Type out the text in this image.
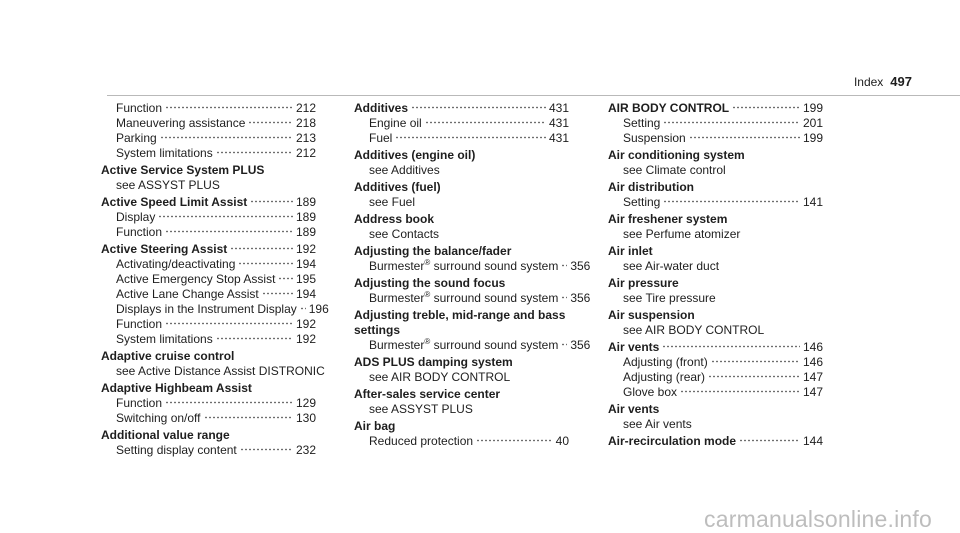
Index 497
Function	212
Maneuvering assistance	218
Parking	213
System limitations	212
Active Service System PLUS
see ASSYST PLUS
Active Speed Limit Assist	189
Display	189
Function	189
Active Steering Assist	192
Activating/deactivating	194
Active Emergency Stop Assist 195
Active Lane Change Assist	194
Displays in the Instrument Display 196
Function	192
System limitations	192
Adaptive cruise control
see Active Distance Assist DISTRONIC
Adaptive Highbeam Assist
Function	129
Switching on/off	130
Additional value range
Setting display content	232
Additives	431
Engine oil	431
Fuel	431
Additives (engine oil)
see Additives
Additives (fuel)
see Fuel
Address book
see Contacts
Adjusting the balance/fader
Burmester® surround sound system 356
Adjusting the sound focus
Burmester® surround sound system 356
Adjusting treble, mid-range and bass
settings
Burmester® surround sound system 356
ADS PLUS damping system
see AIR BODY CONTROL
After-sales service center
see ASSYST PLUS
Air bag
Reduced protection	40
AIR BODY CONTROL	199
Setting	201
Suspension	199
Air conditioning system
see Climate control
Air distribution
Setting	141
Air freshener system
see Perfume atomizer
Air inlet
see Air-water duct
Air pressure
see Tire pressure
Air suspension
see AIR BODY CONTROL
Air vents	146
Adjusting (front)	146
Adjusting (rear)	147
Glove box	147
Air vents
see Air vents
Air-recirculation mode	144
carmanualsonline.info
